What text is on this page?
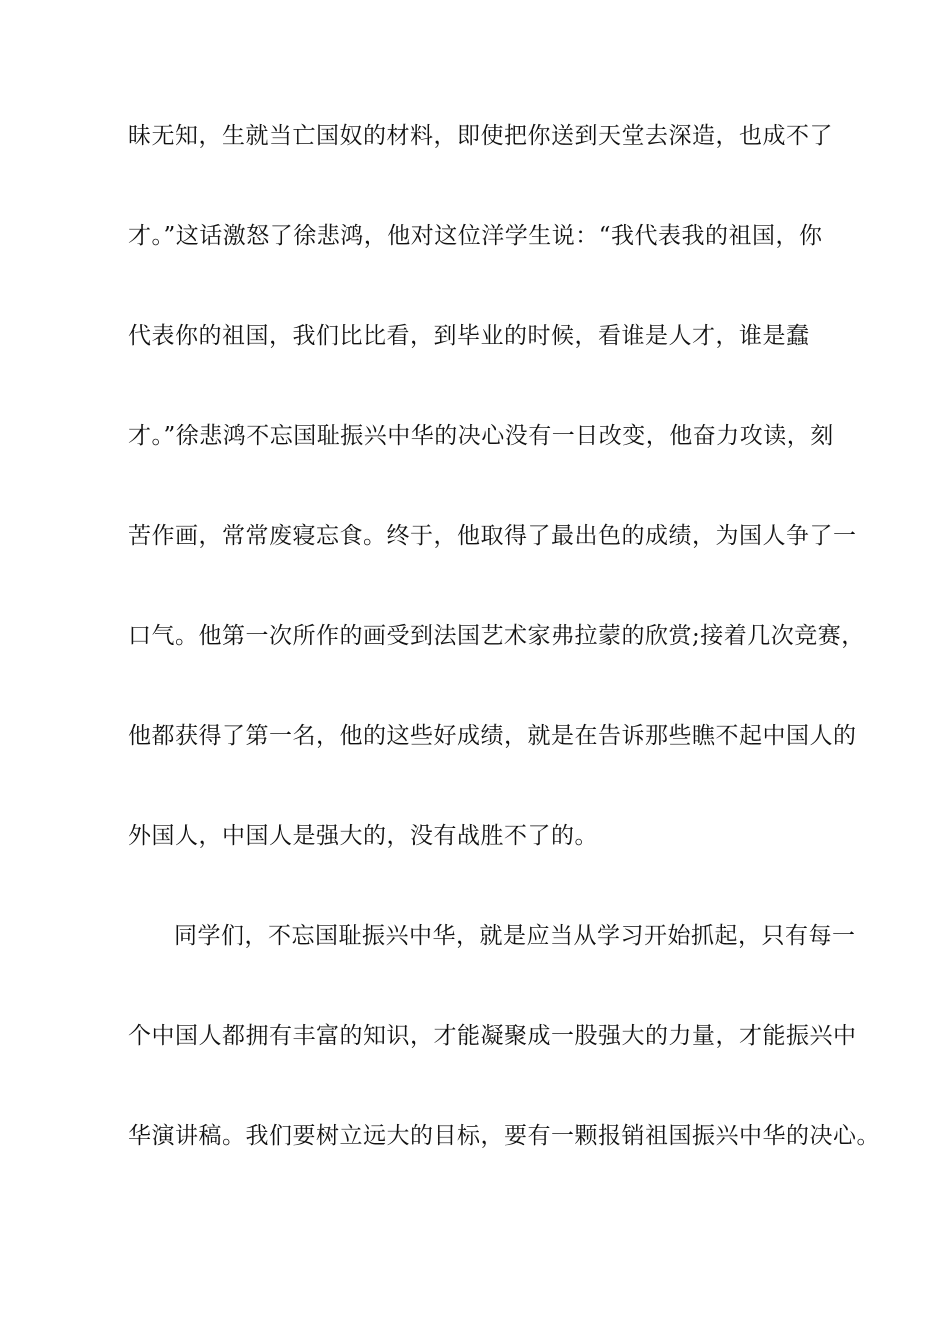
昧无知，生就当亡国奴的材料，即使把你送到天堂去深造，也成不了
才。”这话激怒了徐悲鸿，他对这位洋学生说：“我代表我的祖国，你
代表你的祖国，我们比比看，到毕业的时候，看谁是人才，谁是蠢
才。”徐悲鸿不忘国耻振兴中华的决心没有一日改变，他奋力攻读，刻
苦作画，常常废寝忘食。终于，他取得了最出色的成绩，为国人争了一
口气。他第一次所作的画受到法国艺术家弗拉蒙的欣赏;接着几次竞赛，
他都获得了第一名，他的这些好成绩，就是在告诉那些瞧不起中国人的
外国人，中国人是强大的，没有战胜不了的。
同学们，不忘国耻振兴中华，就是应当从学习开始抓起，只有每一
个中国人都拥有丰富的知识，才能凝聚成一股强大的力量，才能振兴中
华演讲稿。我们要树立远大的目标，要有一颗报销祖国振兴中华的决心。
